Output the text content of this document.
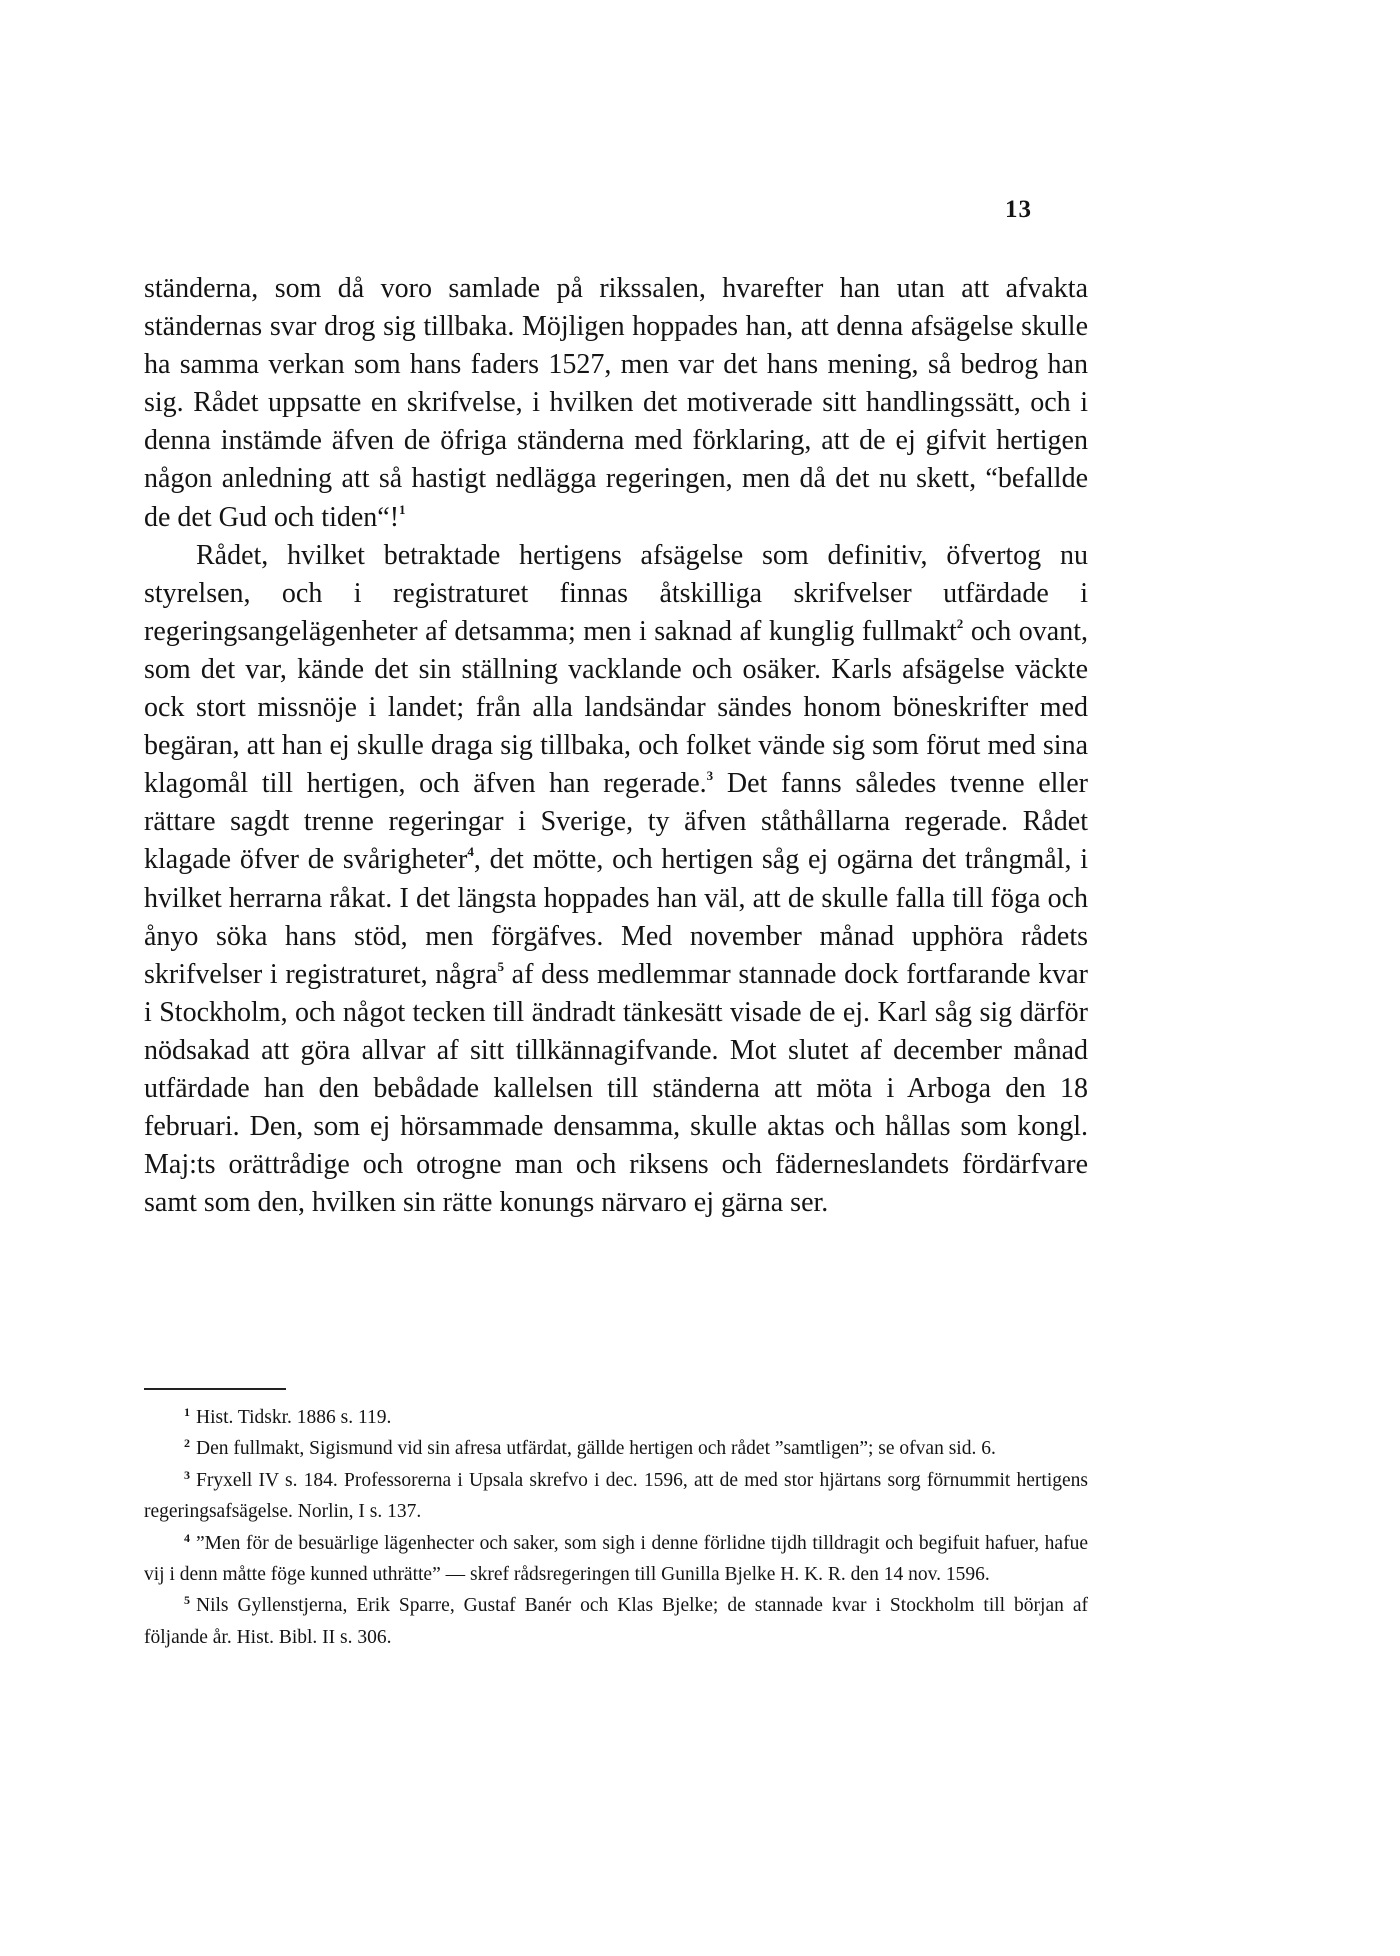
13

ständerna, som då voro samlade på rikssalen, hvarefter han utan att afvakta ständernas svar drog sig tillbaka. Möjligen hoppades han, att denna afsägelse skulle ha samma verkan som hans faders 1527, men var det hans mening, så bedrog han sig. Rådet uppsatte en skrifvelse, i hvilken det motiverade sitt handlingssätt, och i denna instämde äfven de öfriga ständerna med förklaring, att de ej gifvit hertigen någon anledning att så hastigt nedlägga regeringen, men då det nu skett, “befallde de det Gud och tiden“!$^1$

Rådet, hvilket betraktade hertigens afsägelse som definitiv, öfvertog nu styrelsen, och i registraturet finnas åtskilliga skrifvelser utfärdade i regeringsangelägenheter af detsamma; men i saknad af kunglig fullmakt$^2$ och ovant, som det var, kände det sin ställning vacklande och osäker. Karls afsägelse väckte ock stort missnöje i landet; från alla landsändar sändes honom böneskrifter med begäran, att han ej skulle draga sig tillbaka, och folket vände sig som förut med sina klagomål till hertigen, och äfven han regerade.$^3$ Det fanns således tvenne eller rättare sagdt trenne regeringar i Sverige, ty äfven ståthållarna regerade. Rådet klagade öfver de svårigheter$^4$, det mötte, och hertigen såg ej ogärna det trångmål, i hvilket herrarna råkat. I det längsta hoppades han väl, att de skulle falla till föga och ånyo söka hans stöd, men förgäfves. Med november månad upphöra rådets skrifvelser i registraturet, några$^5$ af dess medlemmar stannade dock fortfarande kvar i Stockholm, och något tecken till ändradt tänkesätt visade de ej. Karl såg sig därför nödsakad att göra allvar af sitt tillkännagifvande. Mot slutet af december månad utfärdade han den bebådade kallelsen till ständerna att möta i Arboga den 18 februari. Den, som ej hörsammade densamma, skulle aktas och hållas som kongl. Maj:ts orättrådige och otrogne man och riksens och fäderneslandets fördärfvare samt som den, hvilken sin rätte konungs närvaro ej gärna ser.

$^1$ Hist. Tidskr. 1886 s. 119.

$^2$ Den fullmakt, Sigismund vid sin afresa utfärdat, gällde hertigen och rådet ”samtligen”; se ofvan sid. 6.

$^3$ Fryxell IV s. 184. Professorerna i Upsala skrefvo i dec. 1596, att de med stor hjärtans sorg förnummit hertigens regeringsafsägelse. Norlin, I s. 137.

$^4$ ”Men för de besuärlige lägenhecter och saker, som sigh i denne förlidne tijdh tilldragit och begifuit hafuer, hafue vij i denn måtte föge kunned uthrätte” — skref rådsregeringen till Gunilla Bjelke H. K. R. den 14 nov. 1596.

$^5$ Nils Gyllenstjerna, Erik Sparre, Gustaf Banér och Klas Bjelke; de stannade kvar i Stockholm till början af följande år. Hist. Bibl. II s. 306.
